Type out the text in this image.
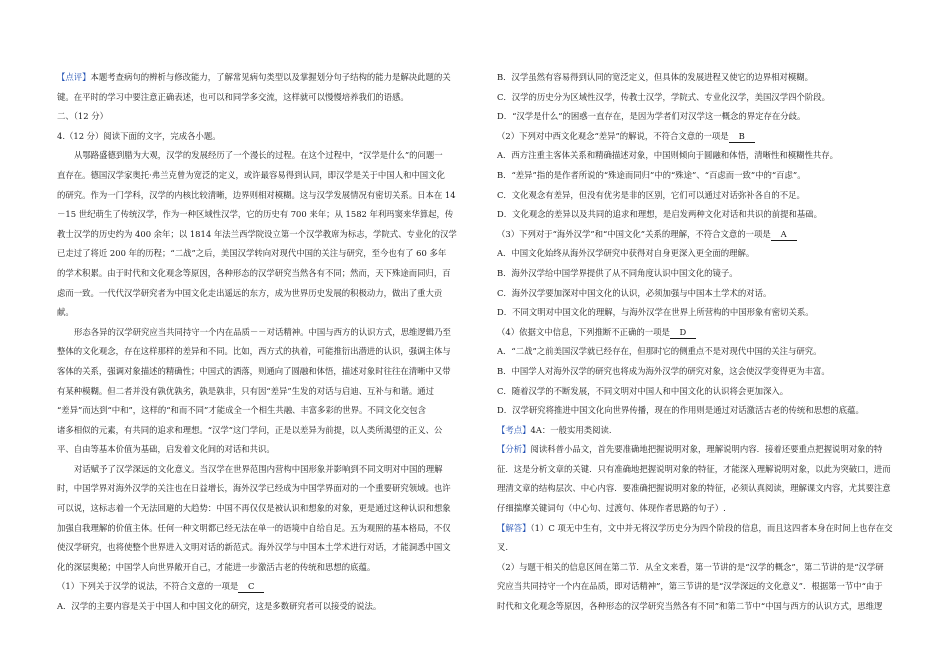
【点评】本题考查病句的辨析与修改能力，了解常见病句类型以及掌握划分句子结构的能力是解决此题的关
键。在平时的学习中要注意正确表述，也可以和同学多交流，这样就可以慢慢培养我们的语感。
二、（12 分）
4.（12 分）阅读下面的文字，完成各小题。
从鄂路盛德到腊为大观，汉学的发展经历了一个漫长的过程。在这个过程中，“汉学是什么”的问题一
直存在。德国汉学家奥托·弗兰克曾为宽泛的定义，或许最容易得到认同，即汉学是关于中国人和中国文化
的研究。作为一门学科，汉学的内核比较清晰，边界则相对模糊。这与汉学发展情况有密切关系。日本在 14
－15 世纪萌生了传统汉学，作为一种区域性汉学，它的历史有 700 来年；从 1582 年利玛窦来华算起，传
教士汉学的历史约为 400 余年；以 1814 年法兰西学院设立第一个汉学教席为标志，学院式、专业化的汉学
已走过了将近 200 年的历程；“二战”之后，美国汉学转向对现代中国的关注与研究，至今也有了 60 多年
的学术积累。由于时代和文化观念等原因，各种形态的汉学研究当然各有不同；然而，天下殊途而同归，百
虑而一致。一代代汉学研究者为中国文化走出遥远的东方，成为世界历史发展的积极动力，做出了重大贡
献。
形态各异的汉学研究应当共同持守一个内在品质－－对话精神。中国与西方的认识方式，思维逻辑乃至
整体的文化观念，存在这样那样的差异和不同。比如，西方式的执着，可能推衍出潜进的认识，强调主体与
客体的关系，强调对象描述的精确性；中国式的洒落，则通向了圆融和体悟，描述对象时往往在清晰中又带
有某种模糊。但二者并没有孰优孰劣，孰是孰非，只有因“差异”生发的对话与启迪、互补与和谐。通过
“差异”而达到“中和”，这样的“和而不同”才能成全一个相生共融、丰富多彩的世界。不同文化交包含
诸多相似的元素，有共同的追求和理想。“汉学”这门学问，正是以差异为前提，以人类所渴望的正义、公
平、自由等基本价值为基础，启发着文化间的对话和共识。
对话赋予了汉学深远的文化意义。当汉学在世界范围内营构中国形象并影响到不同文明对中国的理解
时，中国学界对海外汉学的关注也在日益增长，海外汉学已经成为中国学界面对的一个重要研究领域。也许
可以说，这标志着一个无法回避的大趋势：中国不再仅仅是被认识和想象的对象，更是通过这种认识和想象
加强自我理解的价值主体。任何一种文明都已经无法在单一的语境中自给自足。五为观照的基本格局，不仅
使汉学研究，也将使整个世界进入文明对话的新范式。海外汉学与中国本土学术进行对话，才能洞悉中国文
化的深层奥秘；中国学人向世界敞开自己，才能进一步激活古老的传统和思想的底蕴。
（1）下列关于汉学的说法，不符合文意的一项是 C
A．汉学的主要内容是关于中国人和中国文化的研究，这是多数研究者可以接受的说法。
B．汉学虽然有容易得到认同的宽泛定义，但具体的发展进程又使它的边界相对模糊。
C．汉学的历史分为区域性汉学，传教士汉学，学院式、专业化汉学，美国汉学四个阶段。
D．“汉学是什么”的困惑一直存在，是因为学者们对汉学这一概念的界定存在分歧。
（2）下列对中西文化观念“差异”的解说，不符合文意的一项是 B
A．西方注重主客体关系和精确描述对象，中国则倾向于圆融和体悟，清晰性和模糊性共存。
B．“差异”指的是作者所说的“殊途而同归”中的“殊途”、“百虑而一致”中的“百虑”。
C．文化观念有差异，但没有优劣是非的区别，它们可以通过对话弥补各自的不足。
D．文化观念的差异以及共同的追求和理想，是启发两种文化对话和共识的前提和基础。
（3）下列对于“海外汉学”和“中国文化”关系的理解，不符合文意的一项是 A
A．中国文化始终从海外汉学研究中获得对自身更深入更全面的理解。
B．海外汉学给中国学界提供了从不同角度认识中国文化的镜子。
C．海外汉学要加深对中国文化的认识，必须加强与中国本土学术的对话。
D．不同文明对中国文化的理解，与海外汉学在世界上所营构的中国形象有密切关系。
（4）依据文中信息，下列推断不正确的一项是 D
A．“二战”之前美国汉学就已经存在，但那时它的侧重点不是对现代中国的关注与研究。
B．中国学人对海外汉学的研究也将成为海外汉学的研究对象，这会使汉学变得更为丰富。
C．随着汉学的不断发展，不同文明对中国人和中国文化的认识将会更加深入。
D．汉学研究将推进中国文化向世界传播，现在的作用则是通过对话激活古老的传统和思想的底蕴。
【考点】4A：一般实用类阅读.
【分析】阅读科普小品文，首先要准确地把握说明对象，理解说明内容．接着还要重点把握说明对象的特
征．这是分析文章的关键．只有准确地把握说明对象的特征，才能深入理解说明对象，以此为突破口，进而
理清文章的结构层次、中心内容．要准确把握说明对象的特征，必须认真阅读，理解课文内容，尤其要注意
仔细揣摩关键词句（中心句、过渡句、体现作者思路的句子）.
【解答】（1）C 项无中生有，文中并无将汉学历史分为四个阶段的信息，而且这四者本身在时间上也存在交
叉.
（2）与题干相关的信息区间在第二节．从全文来看，第一节讲的是“汉学的概念”，第二节讲的是“汉学研
究应当共同持守一个内在品质，即对话精神”，第三节讲的是“汉学深远的文化意义”．根据第一节中“由于
时代和文化观念等原因，各种形态的汉学研究当然各有不同”和第二节中“中国与西方的认识方式，思维逻
